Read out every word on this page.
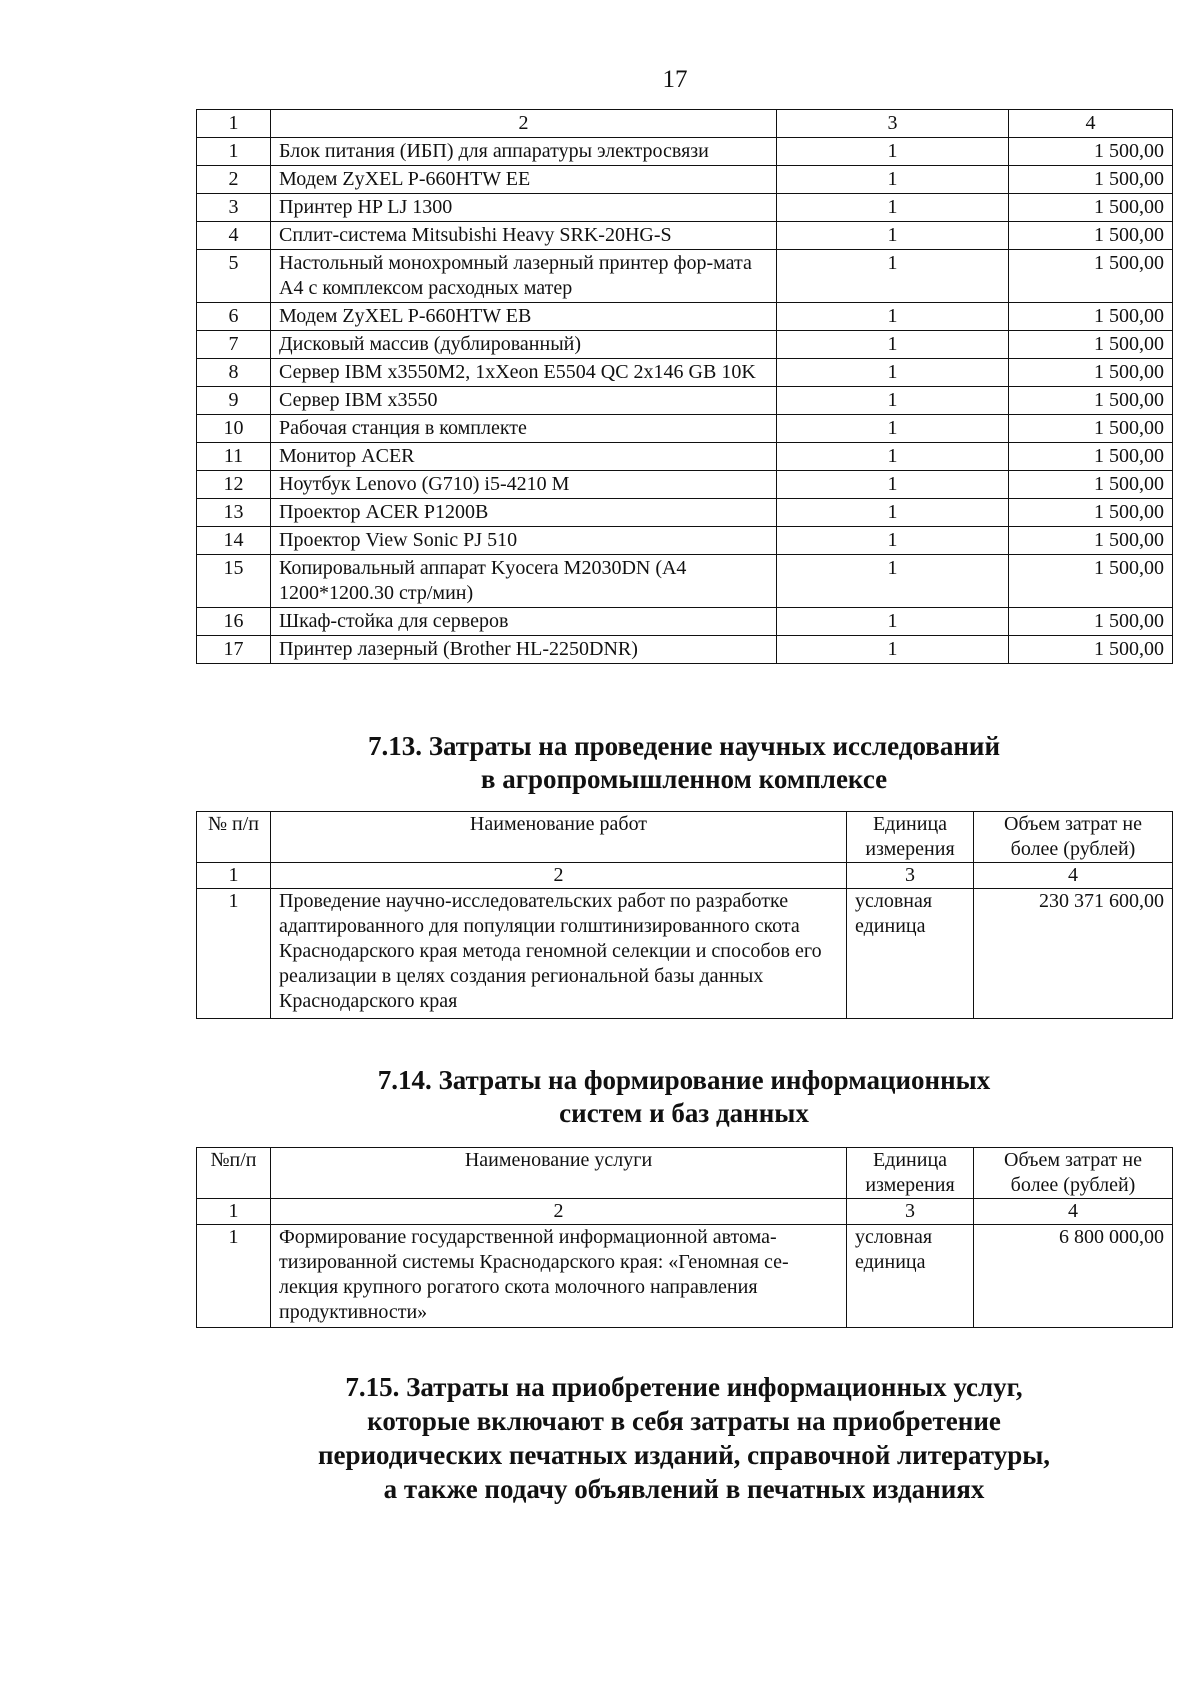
17
1	2	3	4
1	Блок питания (ИБП) для аппаратуры электросвязи	1	1 500,00
2	Модем ZyXEL P-660HTW EE	1	1 500,00
3	Принтер HP LJ 1300	1	1 500,00
4	Сплит-система Mitsubishi Heavy SRK-20HG-S	1	1 500,00
5	Настольный монохромный лазерный принтер фор-мата А4 с комплексом расходных матер	1	1 500,00
6	Модем ZyXEL P-660HTW EB	1	1 500,00
7	Дисковый массив (дублированный)	1	1 500,00
8	Сервер IBM x3550M2, 1xXeon E5504 QC 2x146 GB 10K	1	1 500,00
9	Сервер IBM x3550	1	1 500,00
10	Рабочая станция в комплекте	1	1 500,00
11	Монитор ACER	1	1 500,00
12	Ноутбук Lenovo (G710) i5-4210 M	1	1 500,00
13	Проектор ACER P1200B	1	1 500,00
14	Проектор View Sonic PJ 510	1	1 500,00
15	Копировальный аппарат Kyocera M2030DN (А4 1200*1200.30 стр/мин)	1	1 500,00
16	Шкаф-стойка для серверов	1	1 500,00
17	Принтер лазерный (Brother HL-2250DNR)	1	1 500,00
7.13. Затраты на проведение научных исследований
в агропромышленном комплексе
№ п/п	Наименование работ	Единица измерения	Объем затрат не более (рублей)
1	2	3	4
1	Проведение научно-исследовательских работ по разработке адаптированного для популяции голштинизированного скота Краснодарского края метода геномной селекции и способов его реализации в целях создания региональной базы данных Краснодарского края	условная единица	230 371 600,00
7.14. Затраты на формирование информационных
систем и баз данных
№п/п	Наименование услуги	Единица измерения	Объем затрат не более (рублей)
1	2	3	4
1	Формирование государственной информационной автома-тизированной системы Краснодарского края: «Геномная се-лекция крупного рогатого скота молочного направления продуктивности»	условная единица	6 800 000,00
7.15. Затраты на приобретение информационных услуг,
которые включают в себя затраты на приобретение
периодических печатных изданий, справочной литературы,
а также подачу объявлений в печатных изданиях
